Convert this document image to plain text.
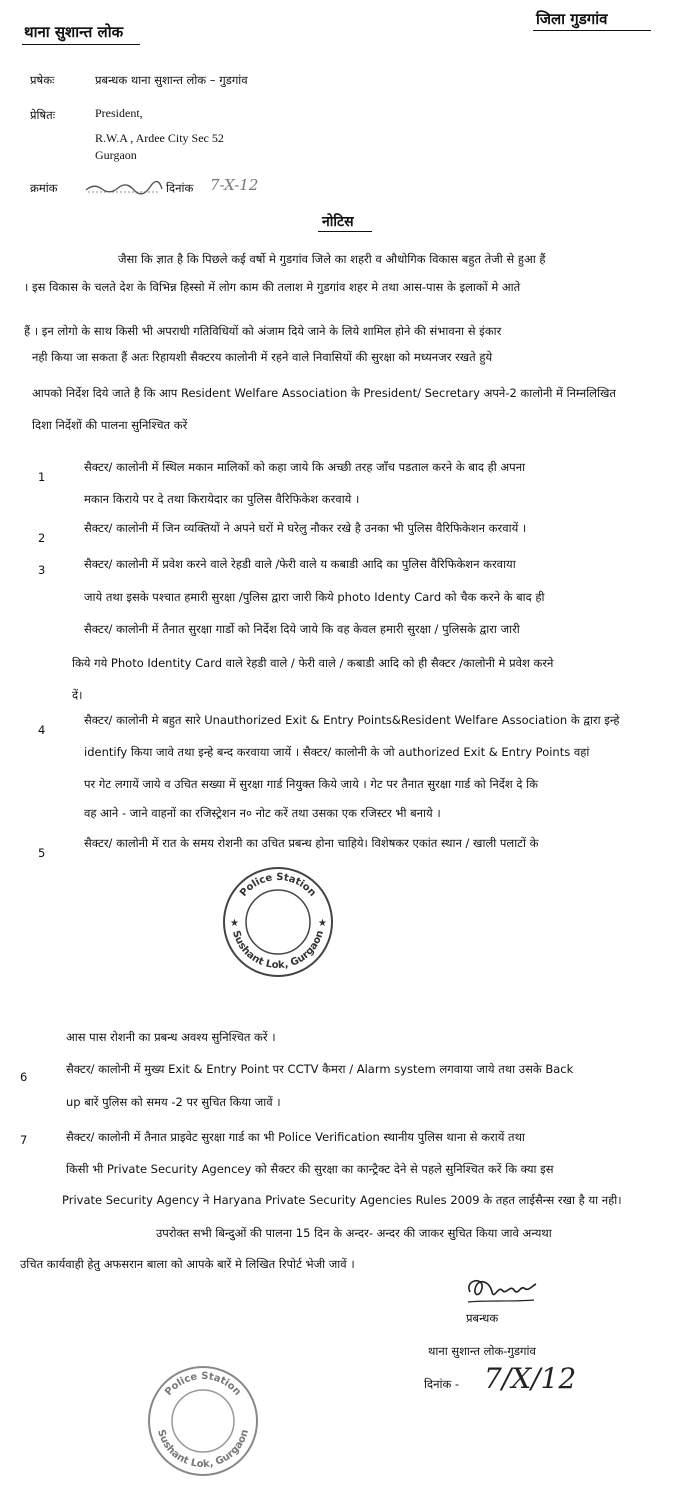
थाना सुशान्त लोक
जिला गुडगांव
प्रषेकः	प्रबन्धक थाना सुशान्त लोक – गुडगांव
प्रेषितः	President,
R.W.A , Ardee City Sec 52
Gurgaon
क्रमांक	दिनांक 7-X-12
नोटिस
जैसा कि ज्ञात है कि पिछले कई वर्षो मे गुडगांव जिले का शहरी व औधोगिक विकास बहुत तेजी से हुआ हैं
। इस विकास के चलते देश के विभिन्न हिस्सो में लोग काम की तलाश मे गुडगांव शहर मे तथा आस-पास के इलाकों मे आते
हैं । इन लोगो के साथ किसी भी अपराधी गतिविधियों को अंजाम दिये जाने के लिये शामिल होने की संभावना से इंकार
नही किया जा सकता हैं अतः रिहायशी सैक्टरय कालोनी में रहने वाले निवासियों की सुरक्षा को मध्यनजर रखते हुये
आपको निर्देश दिये जाते है कि आप Resident Welfare Association के President/ Secretary अपने-2 कालोनी में निम्नलिखित
दिशा निर्देशों की पालना सुनिश्चित करें
1
सैक्टर/ कालोनी में स्थिल मकान मालिकों को कहा जाये कि अच्छी तरह जाँच पडताल करने के बाद ही अपना
मकान किराये पर दे तथा किरायेदार का पुलिस वैरिफिकेश करवाये ।
2
सैक्टर/ कालोनी में जिन व्यक्तियों ने अपने घरों मे घरेलु नौकर रखे है उनका भी पुलिस वैरिफिकेशन करवायें ।
3	सैक्टर/ कालोनी में प्रवेश करने वाले रेहडी वाले /फेरी वाले य कबाडी आदि का पुलिस वैरिफिकेशन करवाया
जाये तथा इसके पश्चात हमारी सुरक्षा /पुलिस द्वारा जारी किये photo Identy Card को चैक करने के बाद ही
सैक्टर/ कालोनी में तैनात सुरक्षा गार्डो को निर्देश दिये जाये कि वह केवल हमारी सुरक्षा / पुलिसके द्वारा जारी
किये गये Photo Identity Card वाले रेहडी वाले / फेरी वाले / कबाडी आदि को ही सैक्टर /कालोनी मे प्रवेश करने
दें।
4
सैक्टर/ कालोनी मे बहुत सारे Unauthorized Exit & Entry Points&Resident Welfare Association के द्वारा इन्हे
identify किया जावे तथा इन्हे बन्द करवाया जायें । सैक्टर/ कालोनी के जो authorized Exit & Entry Points वहां
पर गेट लगायें जाये व उचित सख्या में सुरक्षा गार्ड नियुक्त किये जाये । गेट पर तैनात सुरक्षा गार्ड को निर्देश दे कि
वह आने - जाने वाहनों का रजिस्ट्रेशन न० नोट करें तथा उसका एक रजिस्टर भी बनाये ।
5
सैक्टर/ कालोनी में रात के समय रोशनी का उचित प्रबन्ध होना चाहिये। विशेषकर एकांत स्थान / खाली पलाटों के
Police Station
Sushant Lok, Gurgaon
★	★
आस पास रोशनी का प्रबन्ध अवश्य सुनिश्चित करें ।
6
सैक्टर/ कालोनी में मुख्य Exit & Entry Point पर CCTV कैमरा / Alarm system लगवाया जाये तथा उसके Back
up बारें पुलिस को समय -2 पर सुचित किया जावें ।
7	सैक्टर/ कालोनी में तैनात प्राइवेट सुरक्षा गार्ड का भी Police Verification स्थानीय पुलिस थाना से करायें तथा
किसी भी Private Security Agencey को सैक्टर की सुरक्षा का कान्ट्रैक्ट देने से पहले सुनिश्चित करें कि क्या इस
Private Security Agency ने Haryana Private Security Agencies Rules 2009 के तहत लाईसैन्स रखा है या नही।
उपरोक्त सभी बिन्दुओं की पालना 15 दिन के अन्दर- अन्दर की जाकर सुचित किया जावे अन्यथा
उचित कार्यवाही हेतु अफसरान बाला को आपके बारें मे लिखित रिपोर्ट भेजी जावें ।
प्रबन्धक
थाना सुशान्त लोक-गुडगांव
दिनांक - 7/X/12
Police Station
Sushant Lok, Gurgaon
